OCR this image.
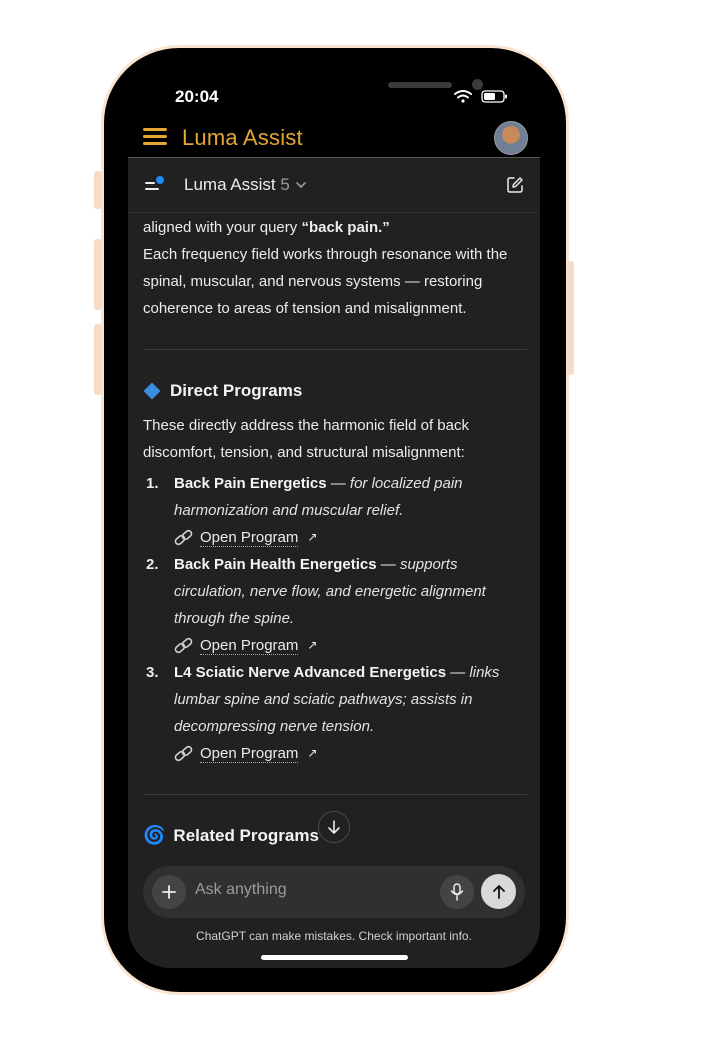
20:04
Luma Assist
Luma Assist 5

aligned with your query “back pain.”

Each frequency field works through resonance with the spinal, muscular, and nervous systems — restoring coherence to areas of tension and misalignment.

Direct Programs

These directly address the harmonic field of back discomfort, tension, and structural misalignment:

1. Back Pain Energetics — for localized pain harmonization and muscular relief.
Open Program ↗
2. Back Pain Health Energetics — supports circulation, nerve flow, and energetic alignment through the spine.
Open Program ↗
3. L4 Sciatic Nerve Advanced Energetics — links lumbar spine and sciatic pathways; assists in decompressing nerve tension.
Open Program ↗
🌀 Related Programs
Ask anything
ChatGPT can make mistakes. Check important info.
